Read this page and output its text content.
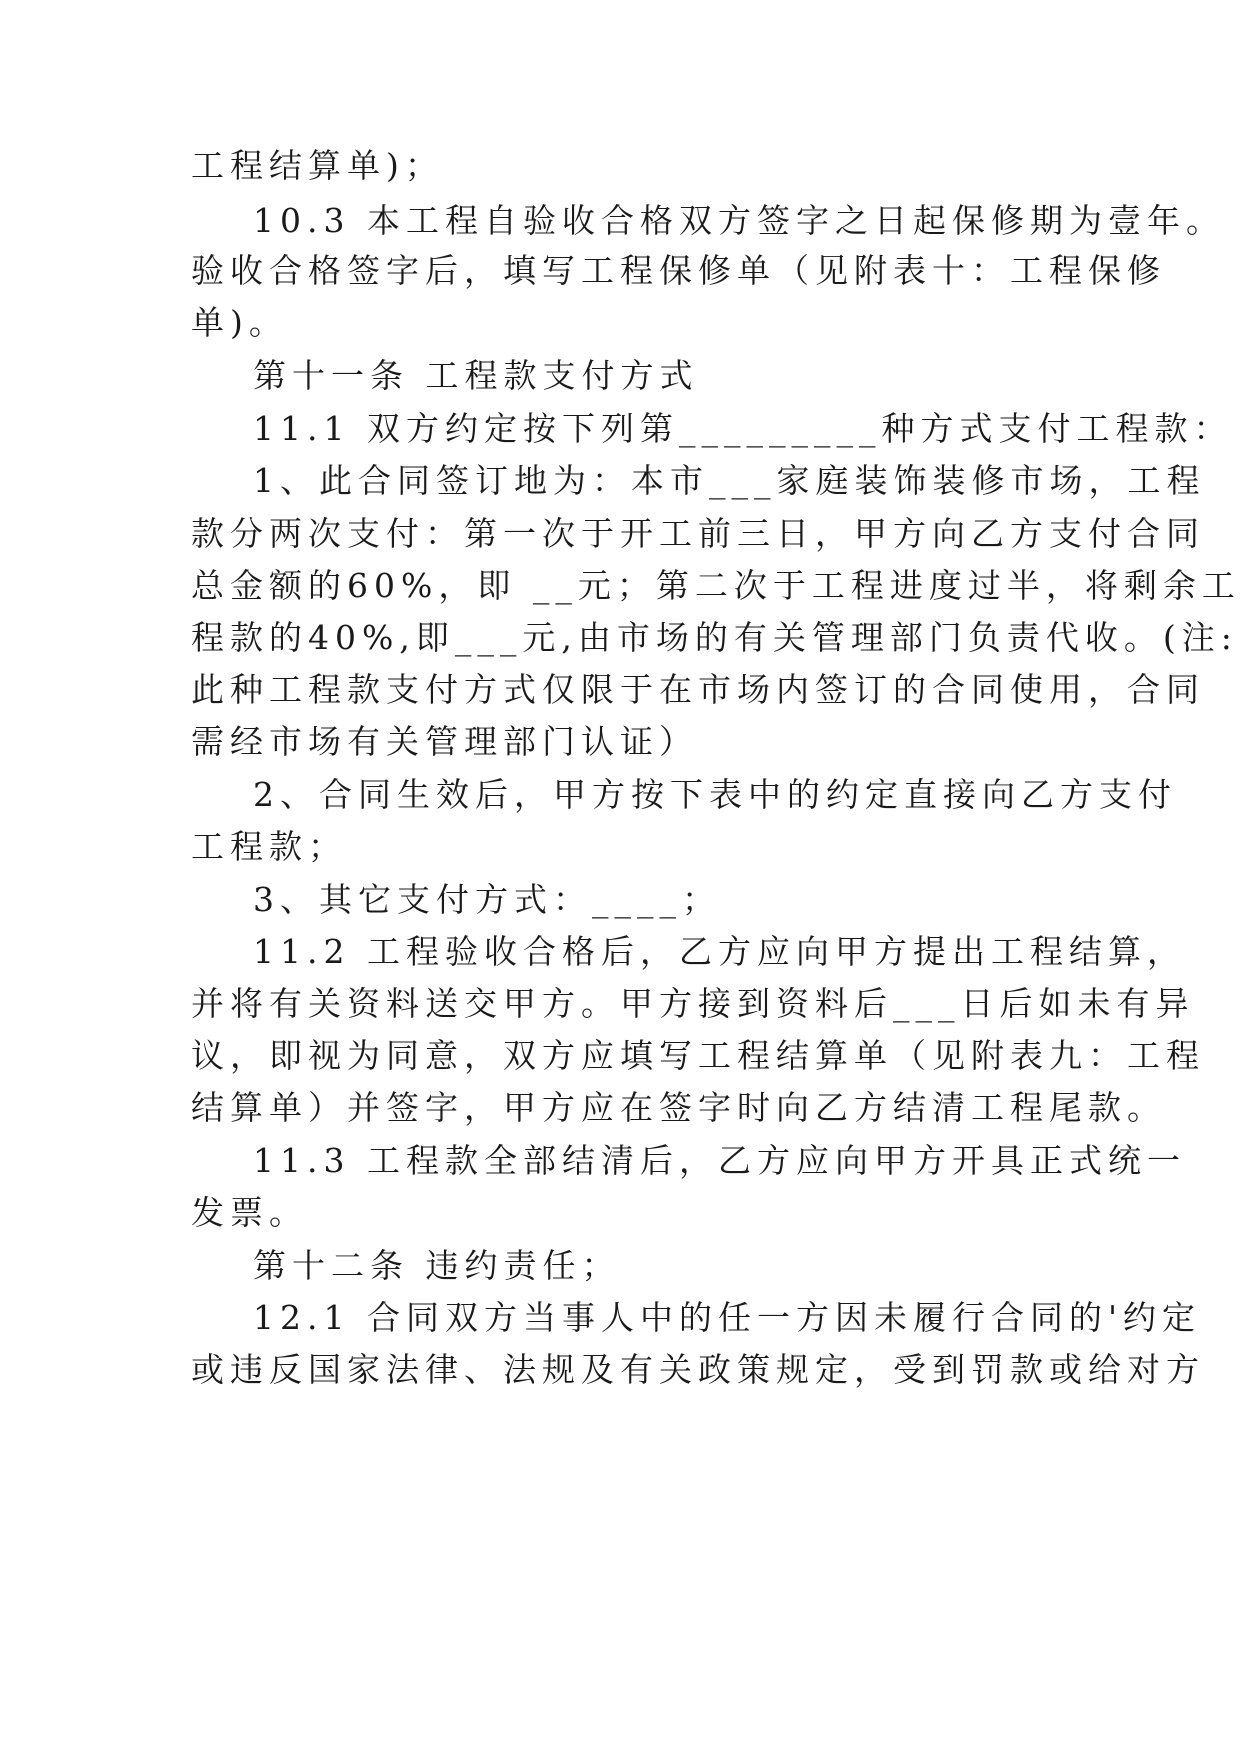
工程结算单)；
10.3 本工程自验收合格双方签字之日起保修期为壹年。
验收合格签字后，填写工程保修单（见附表十：工程保修
单)。
第十一条 工程款支付方式
11.1 双方约定按下列第_________种方式支付工程款：
1、此合同签订地为：本市___家庭装饰装修市场，工程
款分两次支付：第一次于开工前三日，甲方向乙方支付合同
总金额的60%，即 __元；第二次于工程进度过半，将剩余工
程款的40%,即___元,由市场的有关管理部门负责代收。(注:
此种工程款支付方式仅限于在市场内签订的合同使用，合同
需经市场有关管理部门认证）
2、合同生效后，甲方按下表中的约定直接向乙方支付
工程款；
3、其它支付方式：____；
11.2 工程验收合格后，乙方应向甲方提出工程结算，
并将有关资料送交甲方。甲方接到资料后___日后如未有异
议，即视为同意，双方应填写工程结算单（见附表九：工程
结算单）并签字，甲方应在签字时向乙方结清工程尾款。
11.3 工程款全部结清后，乙方应向甲方开具正式统一
发票。
第十二条 违约责任；
12.1 合同双方当事人中的任一方因未履行合同的'约定
或违反国家法律、法规及有关政策规定，受到罚款或给对方
